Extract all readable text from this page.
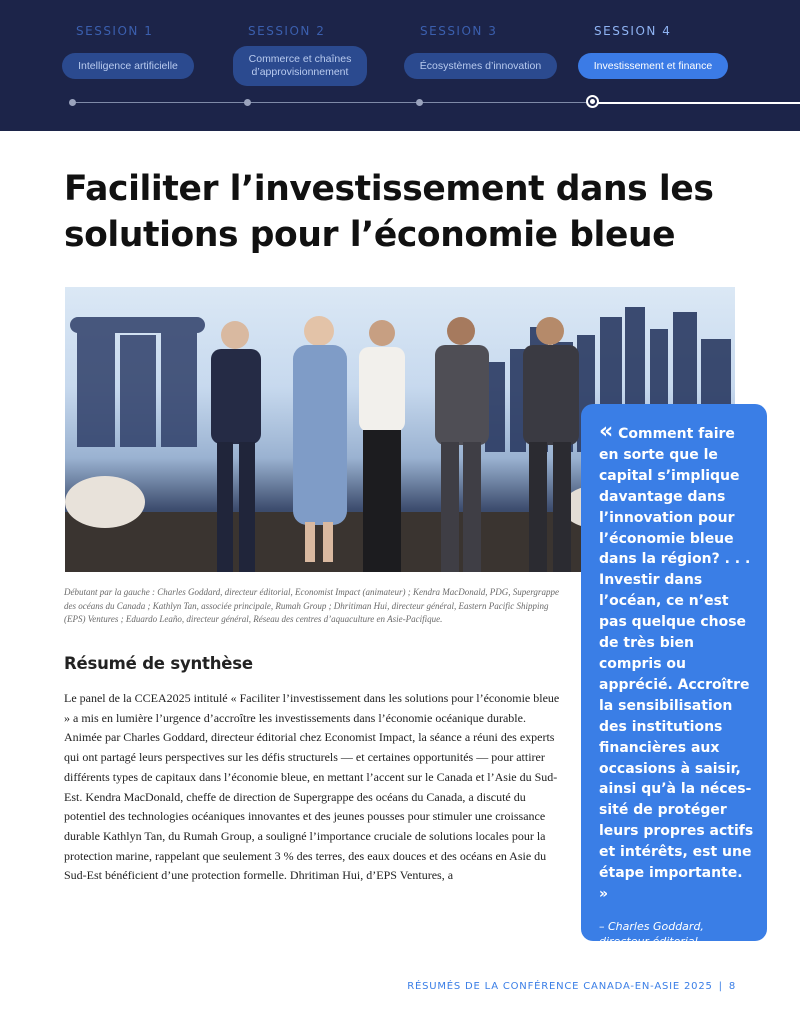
SESSION 1	SESSION 2	SESSION 3	SESSION 4
Intelligence artificielle
Commerce et chaînes d’approvisionnement
Écosystèmes d’innovation	Investissement et finance
Faciliter l’investissement dans les solutions pour l’économie bleue

Débutant par la gauche : Charles Goddard, directeur éditorial, Economist Impact (animateur) ; Kendra MacDonald, PDG, Supergrappe des océans du Canada ; Kathlyn Tan, associée principale, Rumah Group ; Dhritiman Hui, directeur général, Eastern Pacific Shipping (EPS) Ventures ; Eduardo Leaño, directeur général, Réseau des centres d’aquaculture en Asie-Pacifique.

Résumé de synthèse

Le panel de la CCEA2025 intitulé « Faciliter l’investissement dans les solutions pour l’économie bleue » a mis en lumière l’urgence d’accroître les investissements dans l’économie océanique durable. Animée par Charles Goddard, directeur éditorial chez Economist Impact, la séance a réuni des experts qui ont partagé leurs perspectives sur les défis structurels — et certaines opportunités — pour attirer différents types de capitaux dans l’économie bleue, en mettant l’accent sur le Canada et l’Asie du Sud-Est. Kendra MacDonald, cheffe de direction de Supergrappe des océans du Canada, a discuté du potentiel des technologies océaniques innovantes et des jeunes pousses pour stimuler une croissance durable Kathlyn Tan, du Rumah Group, a souligné l’importance cruciale de solutions locales pour la protection marine, rappelant que seulement 3 % des terres, des eaux douces et des océans en Asie du Sud-Est bénéficient d’une protection formelle. Dhritiman Hui, d’EPS Ventures, a

« Comment faire en sorte que le capital s’implique davantage dans l’innovation pour l’économie bleue dans la région? . . . Investir dans l’océan, ce n’est pas quelque chose de très bien compris ou apprécié. Accroître la sensibilisation des institutions financières aux occasions à saisir, ainsi qu’à la néces-sité de protéger leurs propres actifs et intérêts, est une étape importante. »

– Charles Goddard,
directeur éditorial,
Economist Impact
RÉSUMÉS DE LA CONFÉRENCE CANADA-EN-ASIE 2025 | 8
